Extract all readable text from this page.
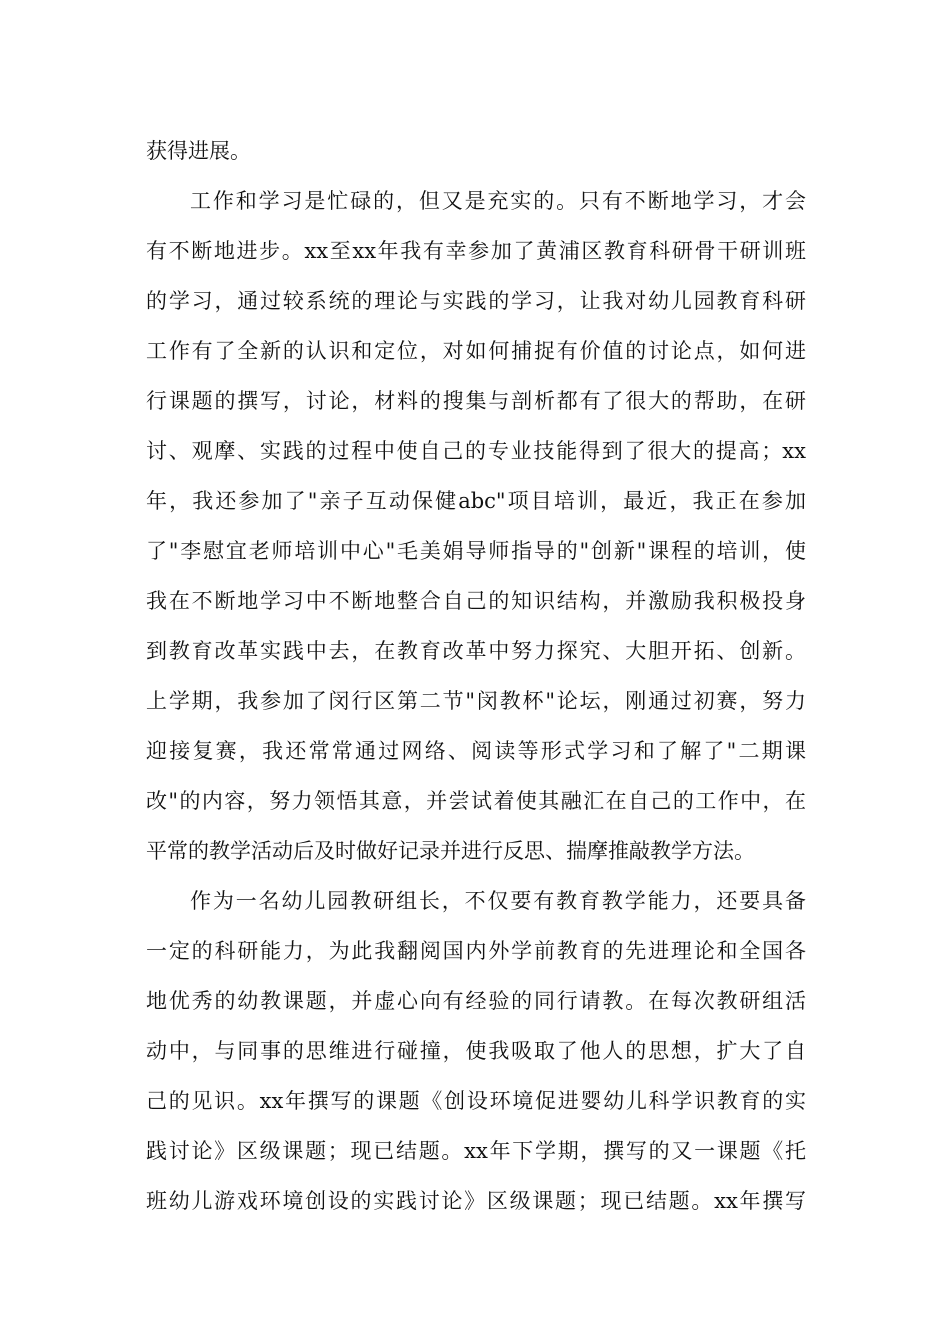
获得进展。
工作和学习是忙碌的，但又是充实的。只有不断地学习，才会
有不断地进步。xx至xx年我有幸参加了黄浦区教育科研骨干研训班
的学习，通过较系统的理论与实践的学习，让我对幼儿园教育科研
工作有了全新的认识和定位，对如何捕捉有价值的讨论点，如何进
行课题的撰写，讨论，材料的搜集与剖析都有了很大的帮助，在研
讨、观摩、实践的过程中使自己的专业技能得到了很大的提高；xx
年，我还参加了"亲子互动保健abc"项目培训，最近，我正在参加
了"李慰宜老师培训中心"毛美娟导师指导的"创新"课程的培训，使
我在不断地学习中不断地整合自己的知识结构，并激励我积极投身
到教育改革实践中去，在教育改革中努力探究、大胆开拓、创新。
上学期，我参加了闵行区第二节"闵教杯"论坛，刚通过初赛，努力
迎接复赛，我还常常通过网络、阅读等形式学习和了解了"二期课
改"的内容，努力领悟其意，并尝试着使其融汇在自己的工作中，在
平常的教学活动后及时做好记录并进行反思、揣摩推敲教学方法。
作为一名幼儿园教研组长，不仅要有教育教学能力，还要具备
一定的科研能力，为此我翻阅国内外学前教育的先进理论和全国各
地优秀的幼教课题，并虚心向有经验的同行请教。在每次教研组活
动中，与同事的思维进行碰撞，使我吸取了他人的思想，扩大了自
己的见识。xx年撰写的课题《创设环境促进婴幼儿科学识教育的实
践讨论》区级课题；现已结题。xx年下学期，撰写的又一课题《托
班幼儿游戏环境创设的实践讨论》区级课题；现已结题。xx年撰写
